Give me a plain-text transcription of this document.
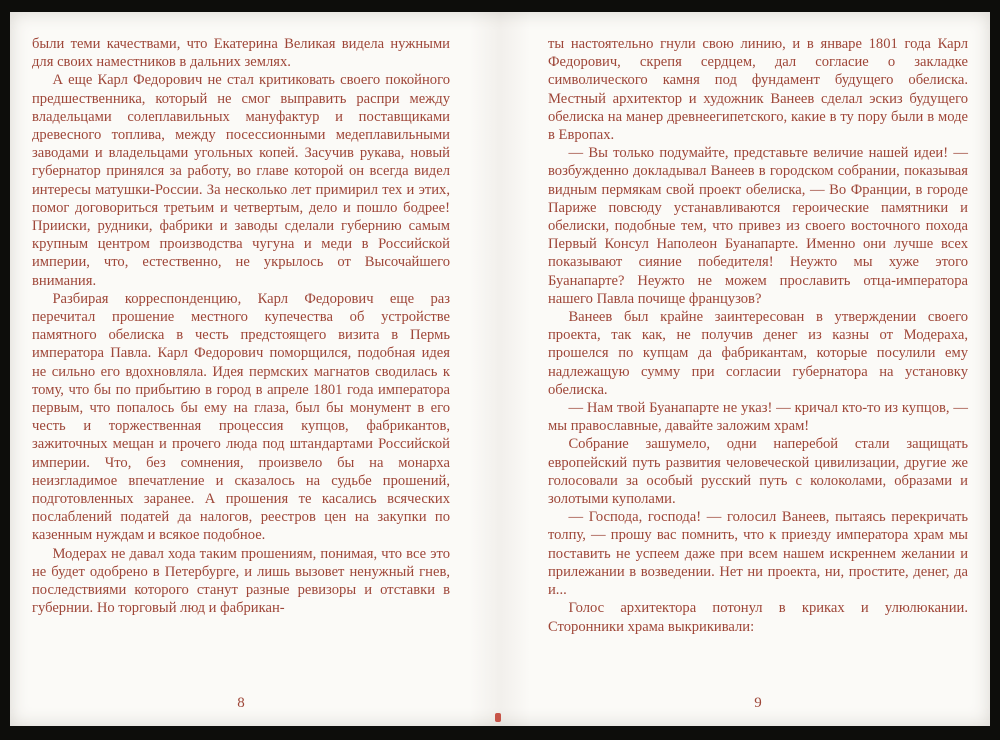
были теми качествами, что Екатерина Великая видела нужными для своих наместников в дальних землях.

А еще Карл Федорович не стал критиковать своего покойного предшественника, который не смог выправить распри между владельцами солеплавильных мануфактур и поставщиками древесного топлива, между посессионными медеплавильными заводами и владельцами угольных копей. Засучив рукава, новый губернатор принялся за работу, во главе которой он всегда видел интересы матушки-России. За несколько лет примирил тех и этих, помог договориться третьим и четвертым, дело и пошло бодрее! Прииски, рудники, фабрики и заводы сделали губернию самым крупным центром производства чугуна и меди в Российской империи, что, естественно, не укрылось от Высочайшего внимания.

Разбирая корреспонденцию, Карл Федорович еще раз перечитал прошение местного купечества об устройстве памятного обелиска в честь предстоящего визита в Пермь императора Павла. Карл Федорович поморщился, подобная идея не сильно его вдохновляла. Идея пермских магнатов сводилась к тому, что бы по прибытию в город в апреле 1801 года императора первым, что попалось бы ему на глаза, был бы монумент в его честь и торжественная процессия купцов, фабрикантов, зажиточных мещан и прочего люда под штандартами Российской империи. Что, без сомнения, произвело бы на монарха неизгладимое впечатление и сказалось на судьбе прошений, подготовленных заранее. А прошения те касались всяческих послаблений податей да налогов, реестров цен на закупки по казенным нуждам и всякое подобное.

Модерах не давал хода таким прошениям, понимая, что все это не будет одобрено в Петербурге, и лишь вызовет ненужный гнев, последствиями которого станут разные ревизоры и отставки в губернии. Но торговый люд и фабрикан-

8

ты настоятельно гнули свою линию, и в январе 1801 года Карл Федорович, скрепя сердцем, дал согласие о закладке символического камня под фундамент будущего обелиска. Местный архитектор и художник Ванеев сделал эскиз будущего обелиска на манер древнеегипетского, какие в ту пору были в моде в Европах.

— Вы только подумайте, представьте величие нашей идеи! — возбужденно докладывал Ванеев в городском собрании, показывая видным пермякам свой проект обелиска, — Во Франции, в городе Париже повсюду устанавливаются героические памятники и обелиски, подобные тем, что привез из своего восточного похода Первый Консул Наполеон Буанапарте. Именно они лучше всех показывают сияние победителя! Неужто мы хуже этого Буанапарте? Неужто не можем прославить отца-императора нашего Павла почище французов?

Ванеев был крайне заинтересован в утверждении своего проекта, так как, не получив денег из казны от Модераха, прошелся по купцам да фабрикантам, которые посулили ему надлежащую сумму при согласии губернатора на установку обелиска.

— Нам твой Буанапарте не указ! — кричал кто-то из купцов, — мы православные, давайте заложим храм!

Собрание зашумело, одни наперебой стали защищать европейский путь развития человеческой цивилизации, другие же голосовали за особый русский путь с колоколами, образами и золотыми куполами.

— Господа, господа! — голосил Ванеев, пытаясь перекричать толпу, — прошу вас помнить, что к приезду императора храм мы поставить не успеем даже при всем нашем искреннем желании и прилежании в возведении. Нет ни проекта, ни, простите, денег, да и...

Голос архитектора потонул в криках и улюлюкании. Сторонники храма выкрикивали:

9
